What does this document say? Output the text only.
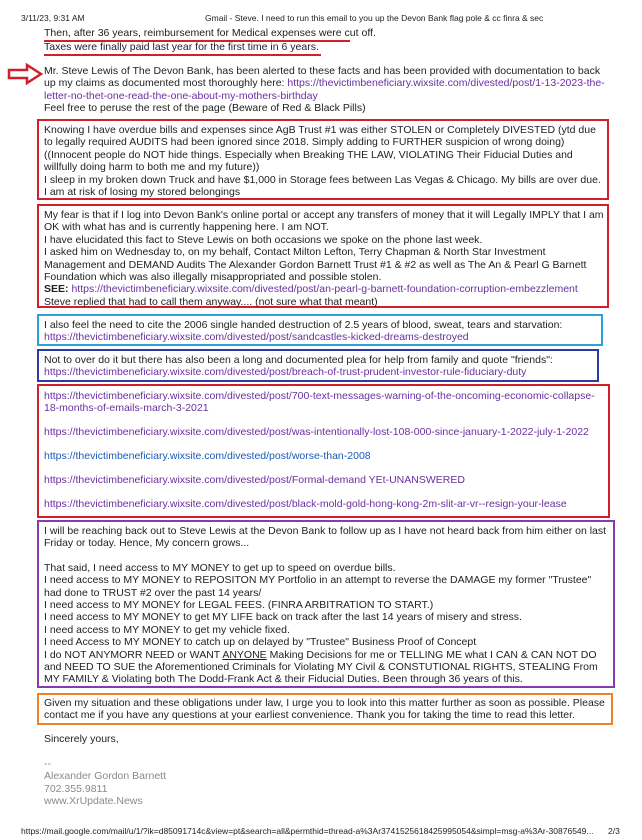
3/11/23, 9:31 AM	Gmail - Steve. I need to run this email to you up the Devon Bank flag pole & cc finra & sec
Then, after 36 years, reimbursement for Medical expenses were cut off.
Taxes were finally paid last year for the first time in 6 years.

Mr. Steve Lewis of The Devon Bank, has been alerted to these facts and has been provided with documentation to back up my claims as documented most thoroughly here: https://thevictimbeneficiary.wixsite.com/divested/post/1-13-2023-the-letter-no-thet-one-read-the-one-about-my-mothers-birthday

Feel free to peruse the rest of the page (Beware of Red & Black Pills)

Knowing I have overdue bills and expenses since AgB Trust #1 was either STOLEN or Completely DIVESTED (ytd due to legally required AUDITS had been ignored since 2018. Simply adding to FURTHER suspicion of wrong doing) ((Innocent people do NOT hide things. Especially when Breaking THE LAW, VIOLATING Their Fiducial Duties and willfully doing harm to both me and my future))

I sleep in my broken down Truck and have $1,000 in Storage fees between Las Vegas & Chicago. My bills are over due. I am at risk of losing my stored belongings

My fear is that if I log into Devon Bank's online portal or accept any transfers of money that it will Legally IMPLY that I am OK with what has and is currently happening here. I am NOT.

I have elucidated this fact to Steve Lewis on both occasions we spoke on the phone last week.

I asked him on Wednesday to, on my behalf, Contact Milton Lefton, Terry Chapman & North Star Investment Management and DEMAND Audits The Alexander Gordon Barnett Trust #1 & #2 as well as The An & Pearl G Barnett Foundation which was also illegally misappropriated and possible stolen.

SEE: https://thevictimbeneficiary.wixsite.com/divested/post/an-pearl-g-barnett-foundation-corruption-embezzlement

Steve replied that had to call them anyway.... (not sure what that meant)

I also feel the need to cite the 2006 single handed destruction of 2.5 years of blood, sweat, tears and starvation: https://thevictimbeneficiary.wixsite.com/divested/post/sandcastles-kicked-dreams-destroyed

Not to over do it but there has also been a long and documented plea for help from family and quote "friends": https://thevictimbeneficiary.wixsite.com/divested/post/breach-of-trust-prudent-investor-rule-fiduciary-duty

https://thevictimbeneficiary.wixsite.com/divested/post/700-text-messages-warning-of-the-oncoming-economic-collapse-18-months-of-emails-march-3-2021

https://thevictimbeneficiary.wixsite.com/divested/post/was-intentionally-lost-108-000-since-january-1-2022-july-1-2022

https://thevictimbeneficiary.wixsite.com/divested/post/worse-than-2008

https://thevictimbeneficiary.wixsite.com/divested/post/Formal-demand YEt-UNANSWERED

https://thevictimbeneficiary.wixsite.com/divested/post/black-mold-gold-hong-kong-2m-slit-ar-vr--resign-your-lease

I will be reaching back out to Steve Lewis at the Devon Bank to follow up as I have not heard back from him either on last Friday or today. Hence, My concern grows...

That said, I need access to MY MONEY to get up to speed on overdue bills.

I need access to MY MONEY to REPOSITON MY Portfolio in an attempt to reverse the DAMAGE my former "Trustee" had done to TRUST #2 over the past 14 years/

I need access to MY MONEY for LEGAL FEES. (FINRA ARBITRATION TO START.)

I need access to MY MONEY to get MY LIFE back on track after the last 14 years of misery and stress.

I need access to MY MONEY to get my vehicle fixed.

I need Access to MY MONEY to catch up on delayed by "Trustee" Business Proof of Concept

I do NOT ANYMORR NEED or WANT ANYONE Making Decisions for me or TELLING ME what I CAN & CAN NOT DO and NEED TO SUE the Aforementioned Criminals for Violating MY Civil & CONSTUTIONAL RIGHTS, STEALING From MY FAMILY & Violating both The Dodd-Frank Act & their Fiducial Duties. Been through 36 years of this.

Given my situation and these obligations under law, I urge you to look into this matter further as soon as possible. Please contact me if you have any questions at your earliest convenience. Thank you for taking the time to read this letter.

Sincerely yours,
--
Alexander Gordon Barnett
702.355.9811
www.XrUpdate.News
https://mail.google.com/mail/u/1/?ik=d85091714c&view=pt&search=all&permthid=thread-a%3Ar3741525618425995054&simpl=msg-a%3Ar-30876549...	2/3
